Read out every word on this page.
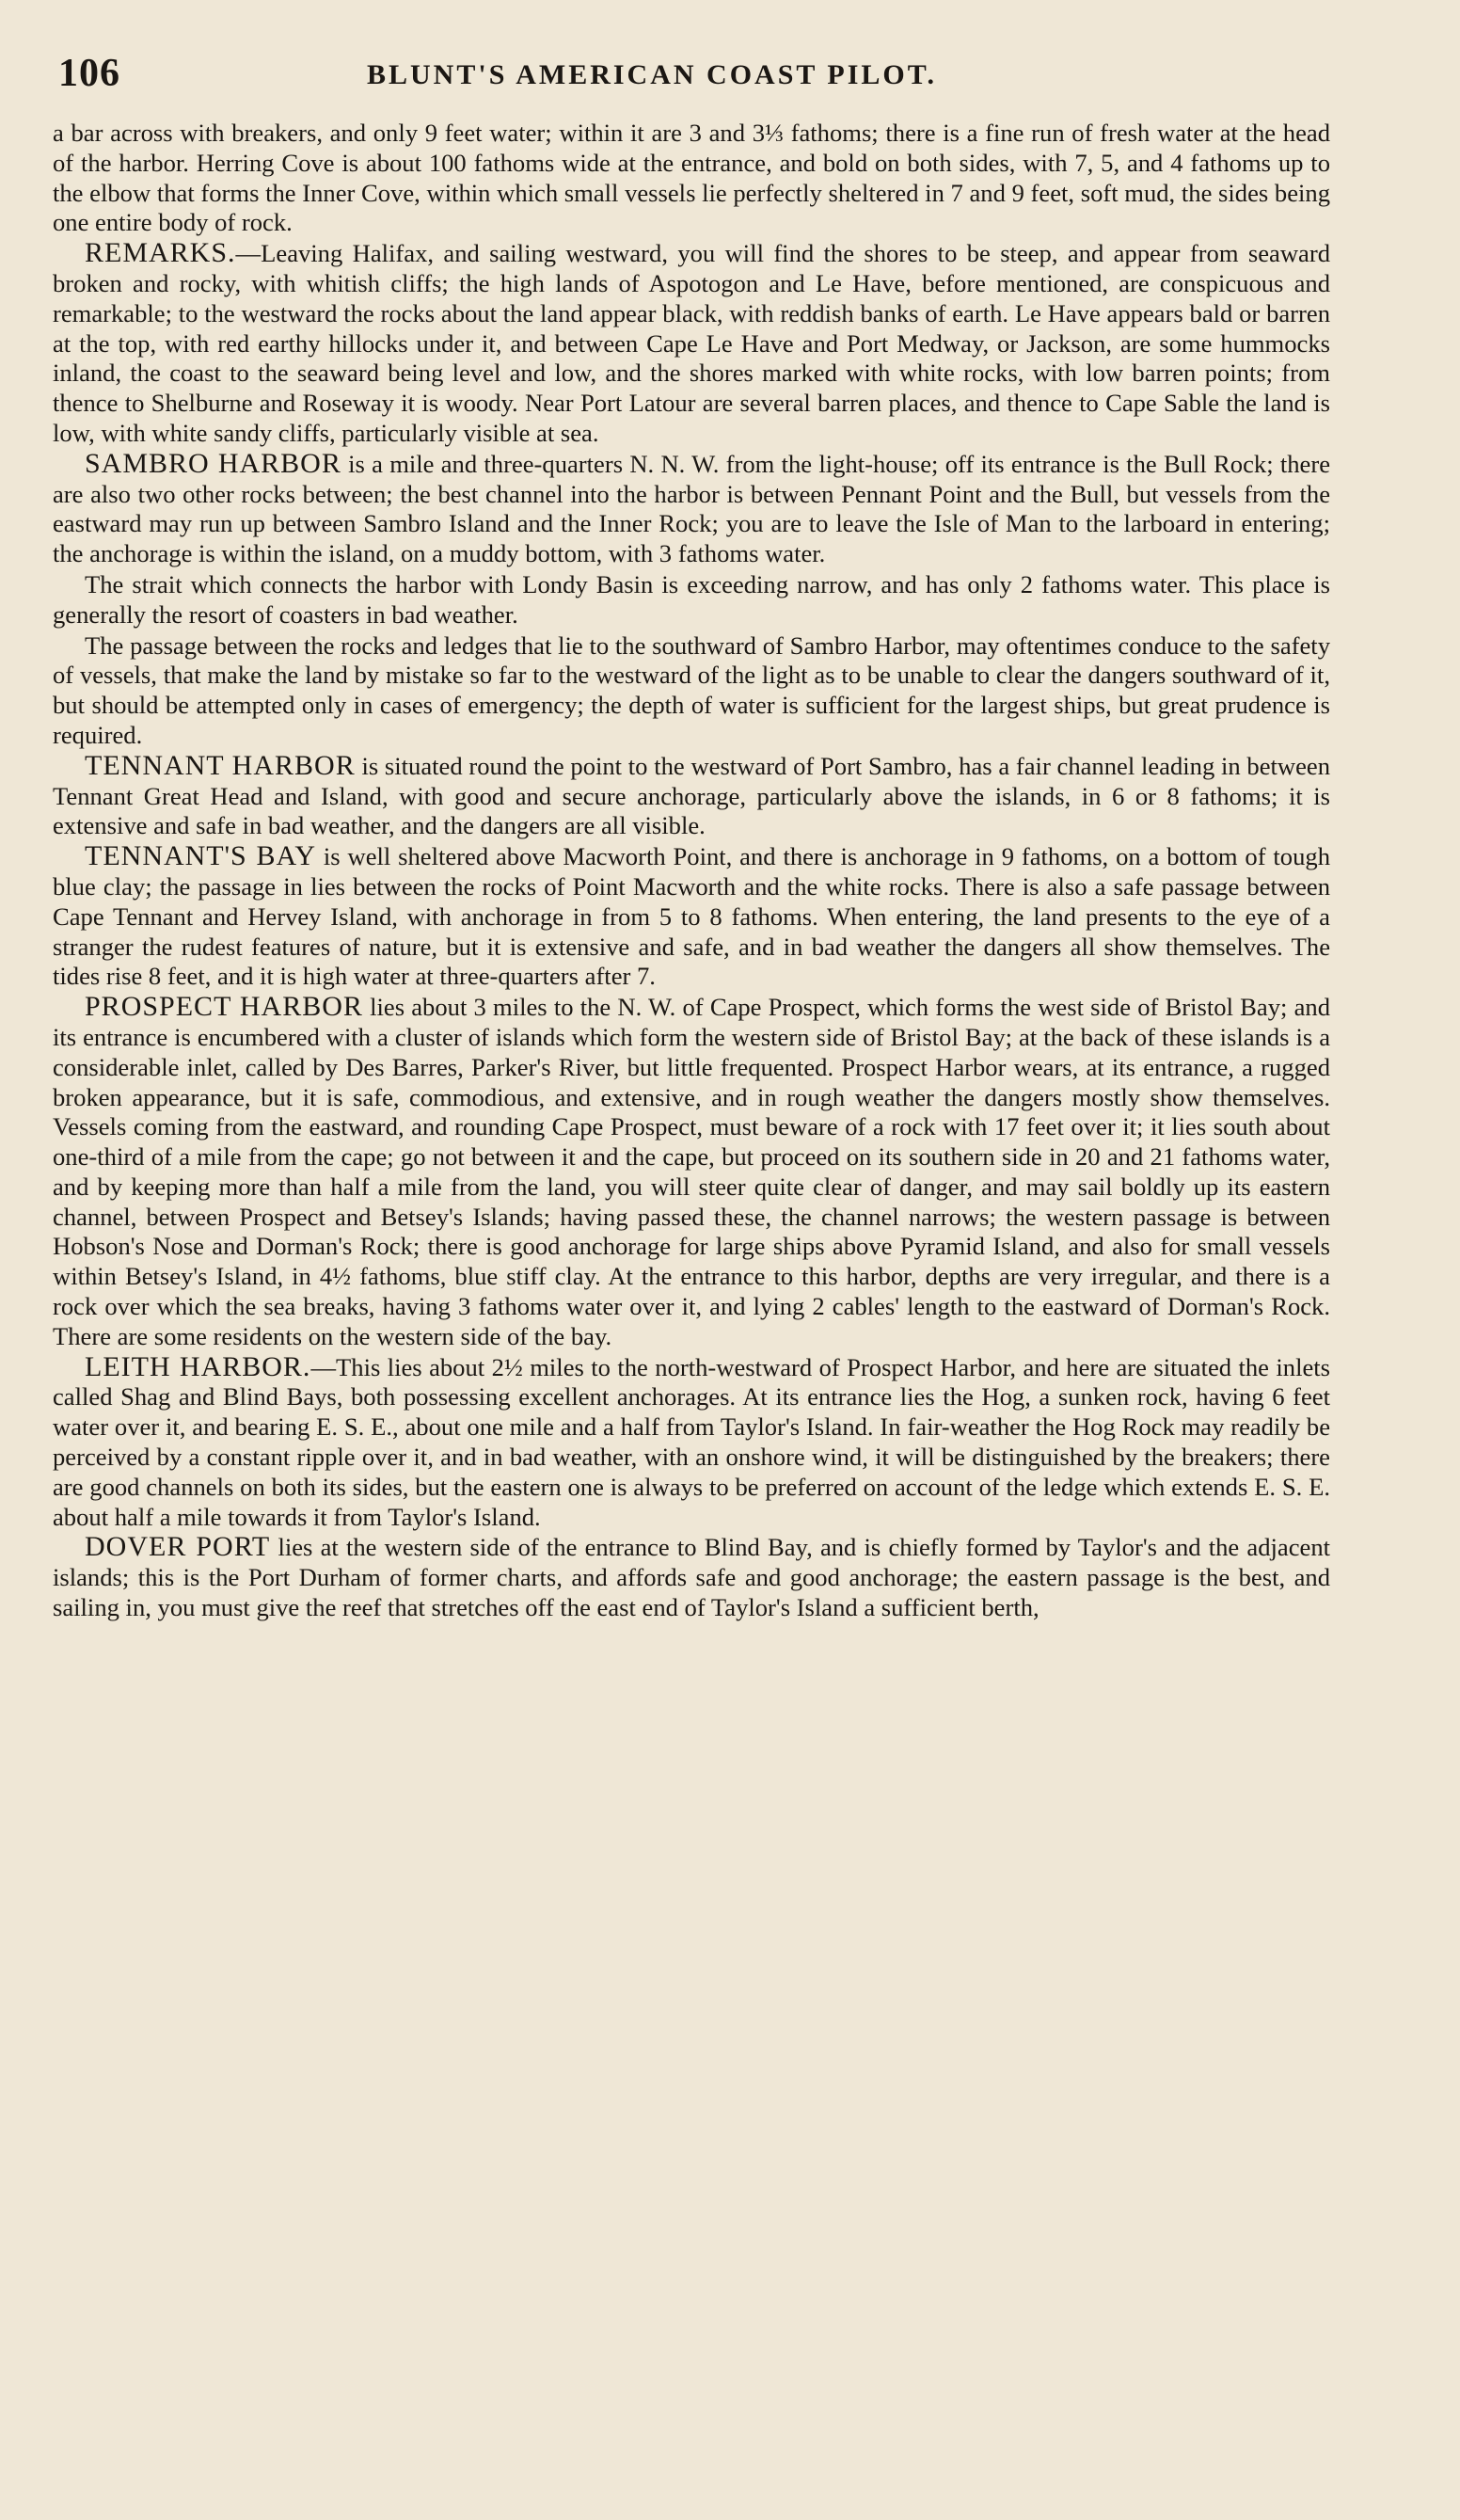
106	BLUNT'S AMERICAN COAST PILOT.

a bar across with breakers, and only 9 feet water; within it are 3 and 3⅓ fathoms; there is a fine run of fresh water at the head of the harbor. Herring Cove is about 100 fathoms wide at the entrance, and bold on both sides, with 7, 5, and 4 fathoms up to the elbow that forms the Inner Cove, within which small vessels lie perfectly sheltered in 7 and 9 feet, soft mud, the sides being one entire body of rock.

REMARKS.—Leaving Halifax, and sailing westward, you will find the shores to be steep, and appear from seaward broken and rocky, with whitish cliffs; the high lands of Aspotogon and Le Have, before mentioned, are conspicuous and remarkable; to the westward the rocks about the land appear black, with reddish banks of earth. Le Have appears bald or barren at the top, with red earthy hillocks under it, and between Cape Le Have and Port Medway, or Jackson, are some hummocks inland, the coast to the seaward being level and low, and the shores marked with white rocks, with low barren points; from thence to Shelburne and Roseway it is woody. Near Port Latour are several barren places, and thence to Cape Sable the land is low, with white sandy cliffs, particularly visible at sea.

SAMBRO HARBOR is a mile and three-quarters N. N. W. from the light-house; off its entrance is the Bull Rock; there are also two other rocks between; the best channel into the harbor is between Pennant Point and the Bull, but vessels from the eastward may run up between Sambro Island and the Inner Rock; you are to leave the Isle of Man to the larboard in entering; the anchorage is within the island, on a muddy bottom, with 3 fathoms water.

The strait which connects the harbor with Londy Basin is exceeding narrow, and has only 2 fathoms water. This place is generally the resort of coasters in bad weather.

The passage between the rocks and ledges that lie to the southward of Sambro Harbor, may oftentimes conduce to the safety of vessels, that make the land by mistake so far to the westward of the light as to be unable to clear the dangers southward of it, but should be attempted only in cases of emergency; the depth of water is sufficient for the largest ships, but great prudence is required.

TENNANT HARBOR is situated round the point to the westward of Port Sambro, has a fair channel leading in between Tennant Great Head and Island, with good and secure anchorage, particularly above the islands, in 6 or 8 fathoms; it is extensive and safe in bad weather, and the dangers are all visible.

TENNANT'S BAY is well sheltered above Macworth Point, and there is anchorage in 9 fathoms, on a bottom of tough blue clay; the passage in lies between the rocks of Point Macworth and the white rocks. There is also a safe passage between Cape Tennant and Hervey Island, with anchorage in from 5 to 8 fathoms. When entering, the land presents to the eye of a stranger the rudest features of nature, but it is extensive and safe, and in bad weather the dangers all show themselves. The tides rise 8 feet, and it is high water at three-quarters after 7.

PROSPECT HARBOR lies about 3 miles to the N. W. of Cape Prospect, which forms the west side of Bristol Bay; and its entrance is encumbered with a cluster of islands which form the western side of Bristol Bay; at the back of these islands is a considerable inlet, called by Des Barres, Parker's River, but little frequented. Prospect Harbor wears, at its entrance, a rugged broken appearance, but it is safe, commodious, and extensive, and in rough weather the dangers mostly show themselves. Vessels coming from the eastward, and rounding Cape Prospect, must beware of a rock with 17 feet over it; it lies south about one-third of a mile from the cape; go not between it and the cape, but proceed on its southern side in 20 and 21 fathoms water, and by keeping more than half a mile from the land, you will steer quite clear of danger, and may sail boldly up its eastern channel, between Prospect and Betsey's Islands; having passed these, the channel narrows; the western passage is between Hobson's Nose and Dorman's Rock; there is good anchorage for large ships above Pyramid Island, and also for small vessels within Betsey's Island, in 4½ fathoms, blue stiff clay. At the entrance to this harbor, depths are very irregular, and there is a rock over which the sea breaks, having 3 fathoms water over it, and lying 2 cables' length to the eastward of Dorman's Rock. There are some residents on the western side of the bay.

LEITH HARBOR.—This lies about 2½ miles to the north-westward of Prospect Harbor, and here are situated the inlets called Shag and Blind Bays, both possessing excellent anchorages. At its entrance lies the Hog, a sunken rock, having 6 feet water over it, and bearing E. S. E., about one mile and a half from Taylor's Island. In fair-weather the Hog Rock may readily be perceived by a constant ripple over it, and in bad weather, with an onshore wind, it will be distinguished by the breakers; there are good channels on both its sides, but the eastern one is always to be preferred on account of the ledge which extends E. S. E. about half a mile towards it from Taylor's Island.

DOVER PORT lies at the western side of the entrance to Blind Bay, and is chiefly formed by Taylor's and the adjacent islands; this is the Port Durham of former charts, and affords safe and good anchorage; the eastern passage is the best, and sailing in, you must give the reef that stretches off the east end of Taylor's Island a sufficient berth,
